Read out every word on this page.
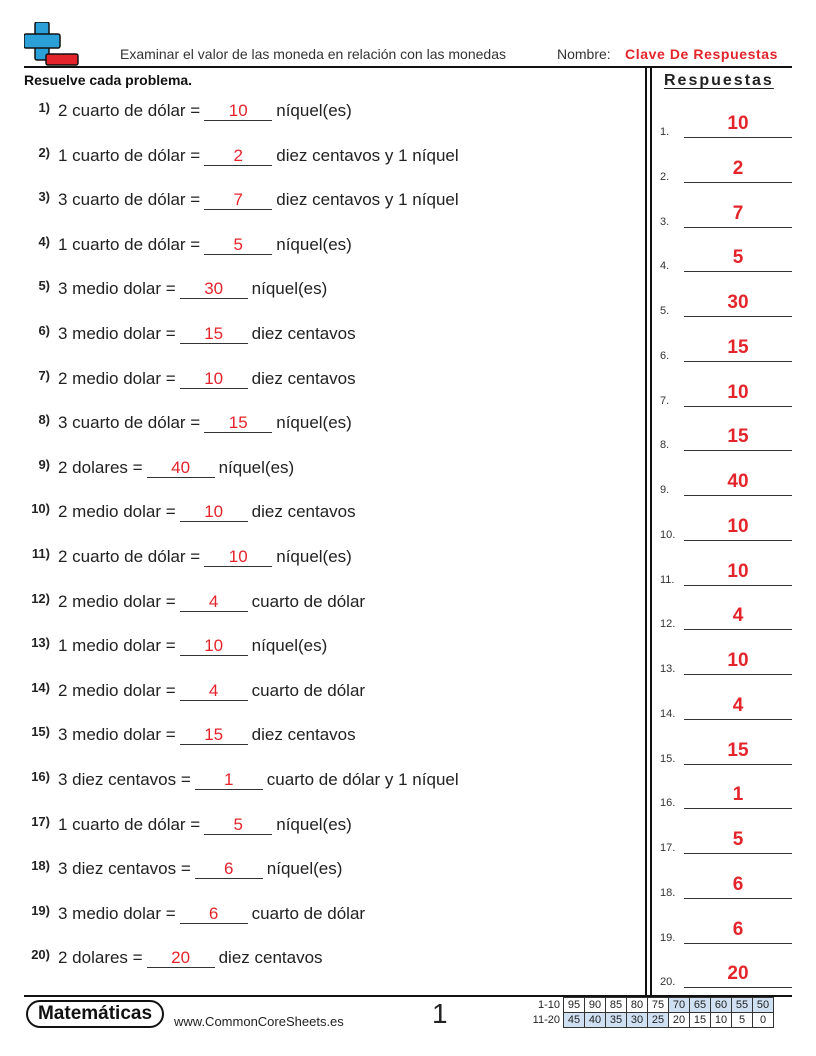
Examinar el valor de las moneda en relación con las monedas	Nombre: Clave De Respuestas
Resuelve cada problema.	Respuestas
1) 2 cuarto de dólar = 10 níquel(es)
2) 1 cuarto de dólar = 2 diez centavos y 1 níquel
3) 3 cuarto de dólar = 7 diez centavos y 1 níquel
4) 1 cuarto de dólar = 5 níquel(es)
5) 3 medio dolar = 30 níquel(es)
6) 3 medio dolar = 15 diez centavos
7) 2 medio dolar = 10 diez centavos
8) 3 cuarto de dólar = 15 níquel(es)
9) 2 dolares = 40 níquel(es)
10) 2 medio dolar = 10 diez centavos
11) 2 cuarto de dólar = 10 níquel(es)
12) 2 medio dolar = 4 cuarto de dólar
13) 1 medio dolar = 10 níquel(es)
14) 2 medio dolar = 4 cuarto de dólar
15) 3 medio dolar = 15 diez centavos
16) 3 diez centavos = 1 cuarto de dólar y 1 níquel
17) 1 cuarto de dólar = 5 níquel(es)
18) 3 diez centavos = 6 níquel(es)
19) 3 medio dolar = 6 cuarto de dólar
20) 2 dolares = 20 diez centavos
1.	10
2.	2
3.	7
4.	5
5.	30
6.	15
7.	10
8.	15
9.	40
10.	10
11.	10
12.	4
13.	10
14.	4
15.	15
16.	1
17.	5
18.	6
19.	6
20.	20
Matemáticas	www.CommonCoreSheets.es	1	1-10	95	90	85	80	75	70	65	60	55	50
11-20	45	40	35	30	25	20	15	10	5	0
